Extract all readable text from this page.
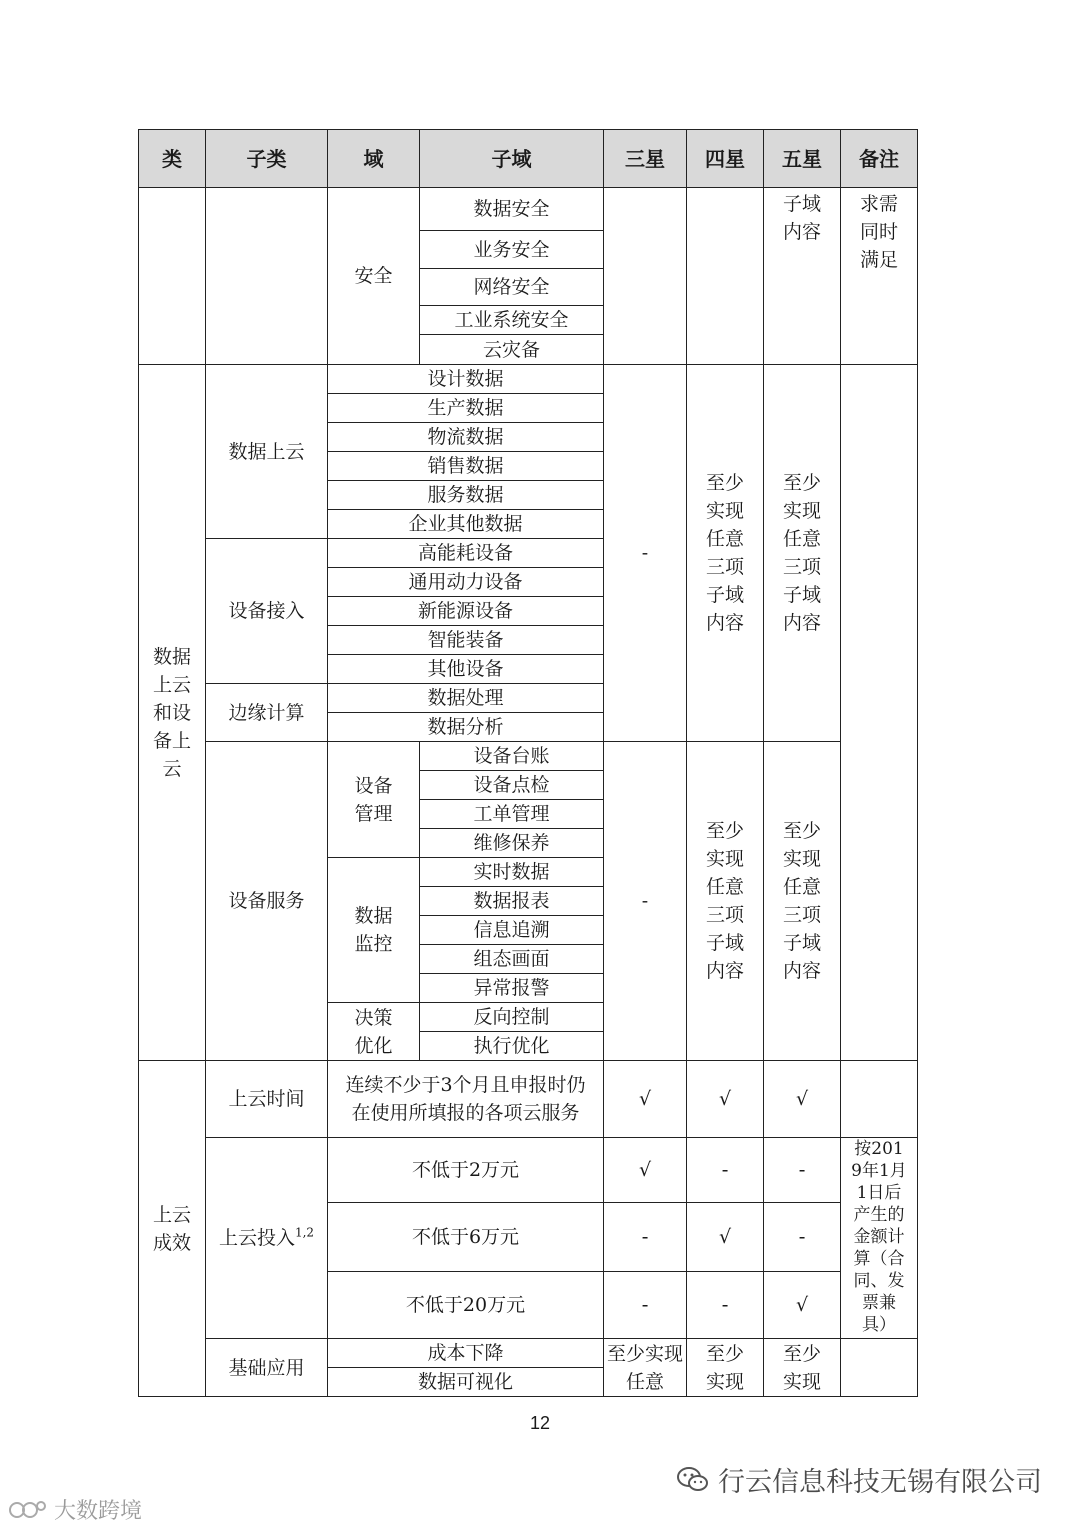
类	子类	域	子域	三星	四星	五星	备注
		安全	数据安全			子域内容	求需同时满足
			业务安全				
			网络安全				
			工业系统安全				
			云灾备				
数据上云和设备上云	数据上云	设计数据		-	至少实现任意三项子域内容	至少实现任意三项子域内容	
		生产数据					
		物流数据					
		销售数据					
		服务数据					
		企业其他数据					
	设备接入	高能耗设备					
		通用动力设备					
		新能源设备					
		智能装备					
		其他设备					
	边缘计算	数据处理					
		数据分析					
	设备服务	设备管理	设备台账	-	至少实现任意三项子域内容	至少实现任意三项子域内容	
			设备点检				
			工单管理				
			维修保养				
		数据监控	实时数据				
			数据报表				
			信息追溯				
			组态画面				
			异常报警				
		决策优化	反向控制				
			执行优化				
上云成效	上云时间	连续不少于3个月且申报时仍在使用所填报的各项云服务		√	√	√	
	上云投入$^{1,2}$	不低于2万元		√	-	-	按2019年1月1日后产生的金额计算（合同、发票兼具）
		不低于6万元		-	√	-	
		不低于20万元		-	-	√	
	基础应用	成本下降		至少实现任意	至少实现	至少实现	
		数据可视化					
12
行云信息科技无锡有限公司
大数跨境
